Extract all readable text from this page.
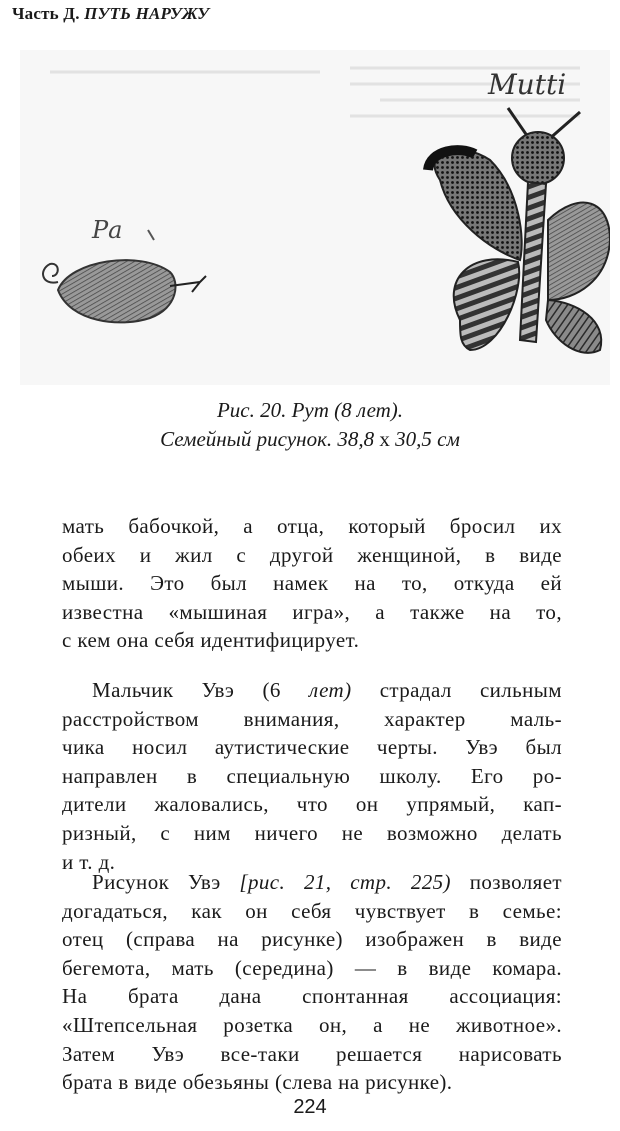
Часть Д. ПУТЬ НАРУЖУ
Ра
Mutti
Рис. 20. Рут (8 лет).
Семейный рисунок. 38,8 х 30,5 см
мать бабочкой, а отца, который бросил их
обеих и жил с другой женщиной, в виде
мыши. Это был намек на то, откуда ей
известна «мышиная игра», а также на то,
с кем она себя идентифицирует.
Мальчик Увэ (6 лет) страдал сильным
расстройством внимания, характер маль-
чика носил аутистические черты. Увэ был
направлен в специальную школу. Его ро-
дители жаловались, что он упрямый, кап-
ризный, с ним ничего не возможно делать
и т. д.
Рисунок Увэ [рис. 21, стр. 225) позволяет
догадаться, как он себя чувствует в семье:
отец (справа на рисунке) изображен в виде
бегемота, мать (середина) — в виде комара.
На брата дана спонтанная ассоциация:
«Штепсельная розетка он, а не животное».
Затем Увэ все-таки решается нарисовать
брата в виде обезьяны (слева на рисунке).
224
